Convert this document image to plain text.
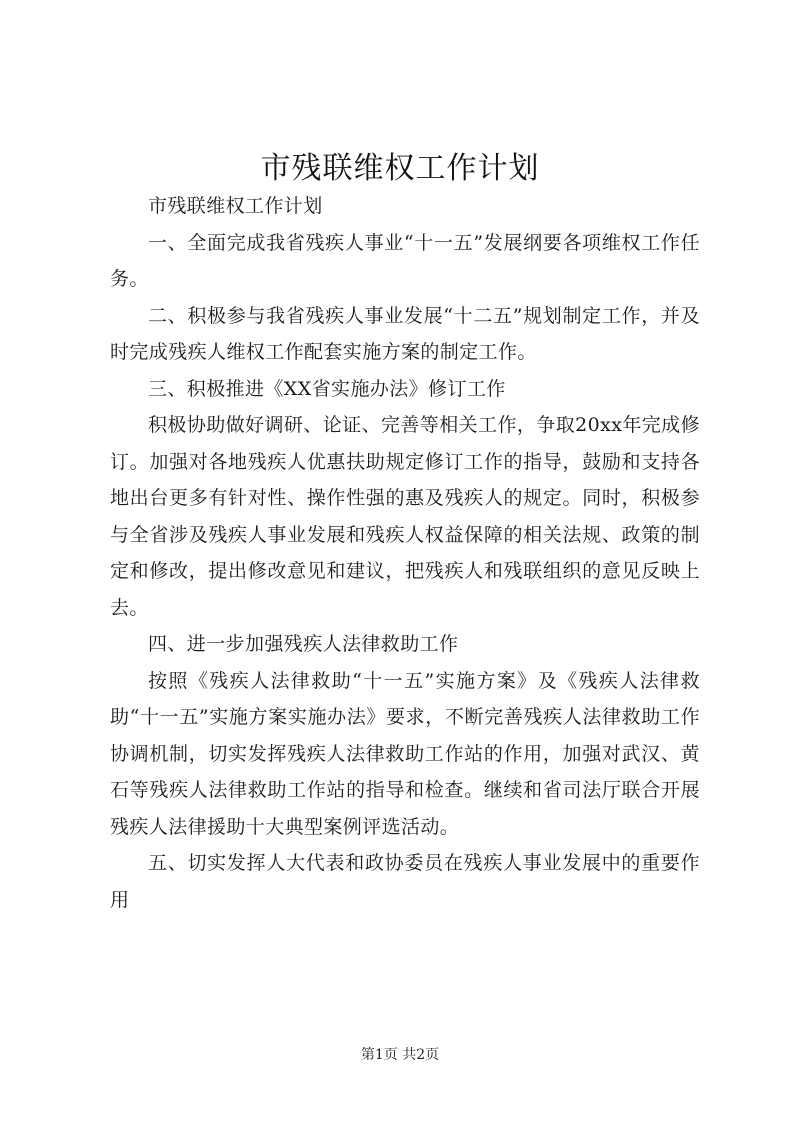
市残联维权工作计划

市残联维权工作计划

一、全面完成我省残疾人事业“十一五”发展纲要各项维权工作任务。

二、积极参与我省残疾人事业发展“十二五”规划制定工作，并及时完成残疾人维权工作配套实施方案的制定工作。

三、积极推进《XX省实施办法》修订工作

积极协助做好调研、论证、完善等相关工作，争取20xx年完成修订。加强对各地残疾人优惠扶助规定修订工作的指导，鼓励和支持各地出台更多有针对性、操作性强的惠及残疾人的规定。同时，积极参与全省涉及残疾人事业发展和残疾人权益保障的相关法规、政策的制定和修改，提出修改意见和建议，把残疾人和残联组织的意见反映上去。

四、进一步加强残疾人法律救助工作

按照《残疾人法律救助“十一五”实施方案》及《残疾人法律救助“十一五”实施方案实施办法》要求，不断完善残疾人法律救助工作协调机制，切实发挥残疾人法律救助工作站的作用，加强对武汉、黄石等残疾人法律救助工作站的指导和检查。继续和省司法厅联合开展残疾人法律援助十大典型案例评选活动。

五、切实发挥人大代表和政协委员在残疾人事业发展中的重要作用

第1页 共2页
